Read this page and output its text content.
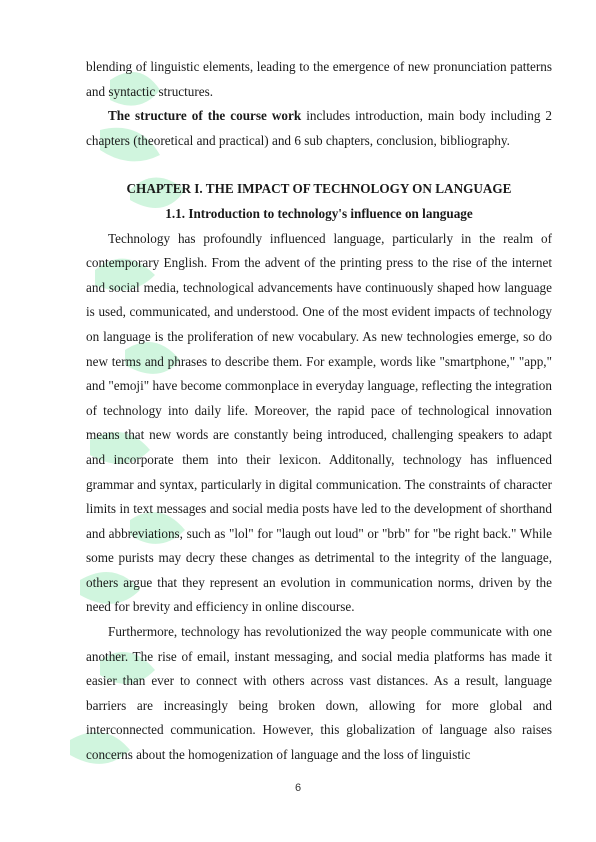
blending of linguistic elements, leading to the emergence of new pronunciation patterns and syntactic structures.

The structure of the course work includes introduction, main body including 2 chapters (theoretical and practical) and 6 sub chapters, conclusion, bibliography.

CHAPTER I. THE IMPACT OF TECHNOLOGY ON LANGUAGE

1.1. Introduction to technology's influence on language

Technology has profoundly influenced language, particularly in the realm of contemporary English. From the advent of the printing press to the rise of the internet and social media, technological advancements have continuously shaped how language is used, communicated, and understood. One of the most evident impacts of technology on language is the proliferation of new vocabulary. As new technologies emerge, so do new terms and phrases to describe them. For example, words like "smartphone," "app," and "emoji" have become commonplace in everyday language, reflecting the integration of technology into daily life. Moreover, the rapid pace of technological innovation means that new words are constantly being introduced, challenging speakers to adapt and incorporate them into their lexicon. Additonally, technology has influenced grammar and syntax, particularly in digital communication. The constraints of character limits in text messages and social media posts have led to the development of shorthand and abbreviations, such as "lol" for "laugh out loud" or "brb" for "be right back." While some purists may decry these changes as detrimental to the integrity of the language, others argue that they represent an evolution in communication norms, driven by the need for brevity and efficiency in online discourse.

Furthermore, technology has revolutionized the way people communicate with one another. The rise of email, instant messaging, and social media platforms has made it easier than ever to connect with others across vast distances. As a result, language barriers are increasingly being broken down, allowing for more global and interconnected communication. However, this globalization of language also raises concerns about the homogenization of language and the loss of linguistic

6
